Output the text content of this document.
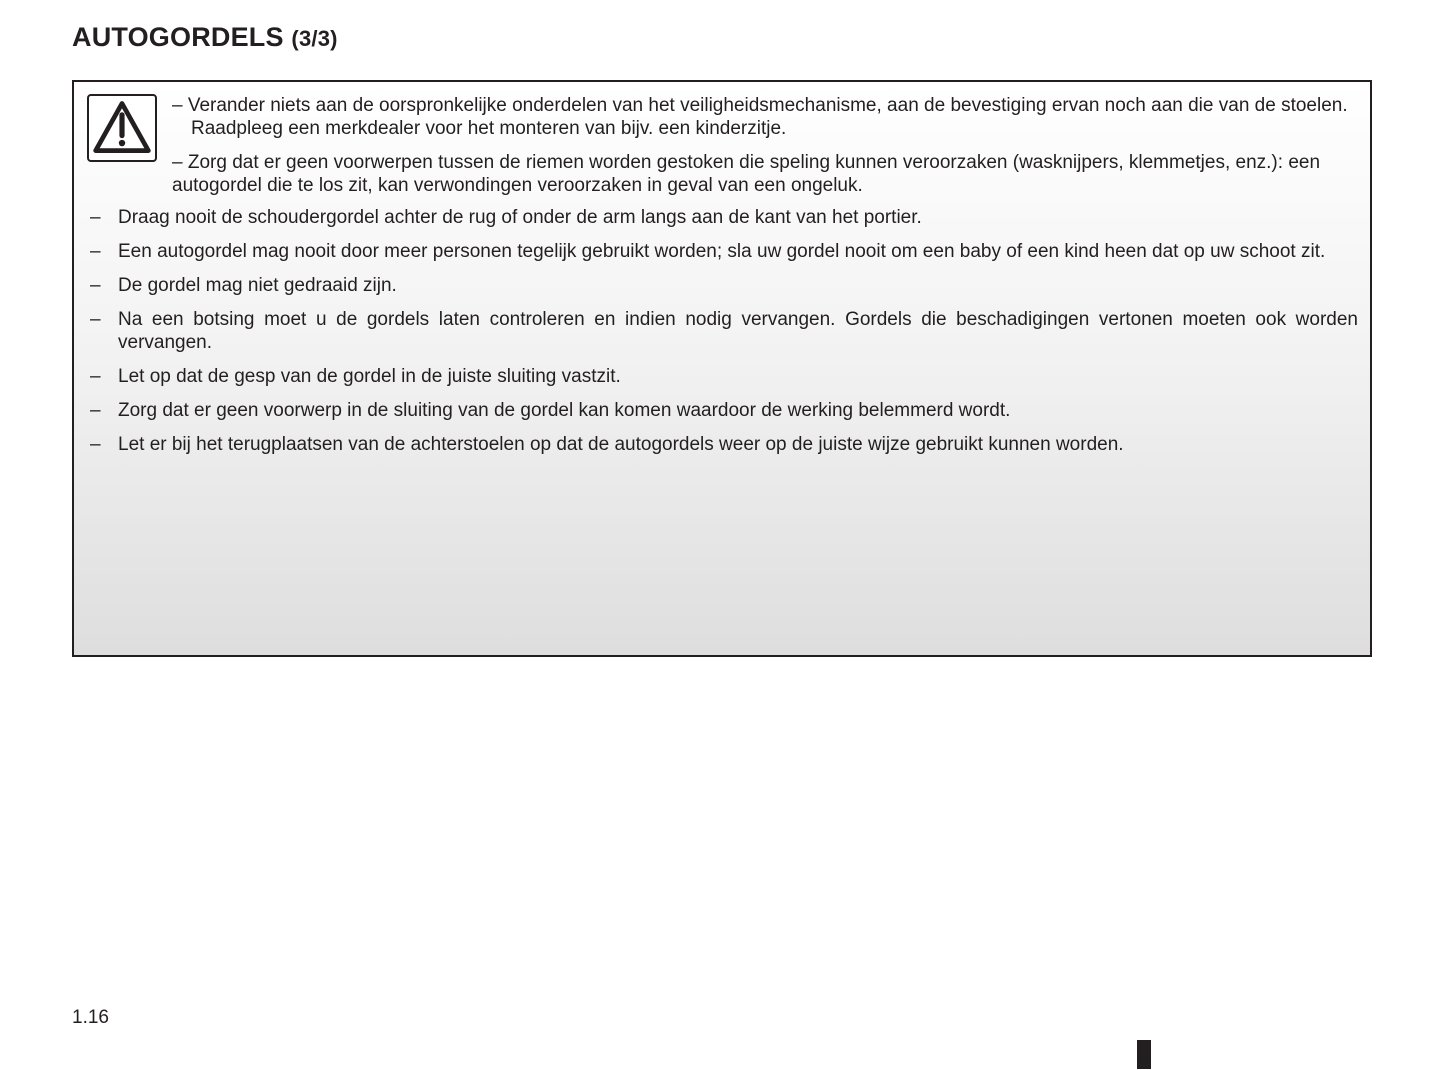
AUTOGORDELS (3/3)

– Verander niets aan de oorspronkelijke onderdelen van het veiligheidsmechanisme, aan de bevestiging ervan noch aan die van de stoelen. Raadpleeg een merkdealer voor het monteren van bijv. een kinderzitje.

– Zorg dat er geen voorwerpen tussen de riemen worden gestoken die speling kunnen veroorzaken (wasknijpers, klemmetjes, enz.): een autogordel die te los zit, kan verwondingen veroorzaken in geval van een ongeluk.

– Draag nooit de schoudergordel achter de rug of onder de arm langs aan de kant van het portier.
– Een autogordel mag nooit door meer personen tegelijk gebruikt worden; sla uw gordel nooit om een baby of een kind heen dat op uw schoot zit.
– De gordel mag niet gedraaid zijn.
– Na een botsing moet u de gordels laten controleren en indien nodig vervangen. Gordels die beschadigingen vertonen moeten ook worden vervangen.
– Let op dat de gesp van de gordel in de juiste sluiting vastzit.
– Zorg dat er geen voorwerp in de sluiting van de gordel kan komen waardoor de werking belemmerd wordt.
– Let er bij het terugplaatsen van de achterstoelen op dat de autogordels weer op de juiste wijze gebruikt kunnen worden.
1.16
